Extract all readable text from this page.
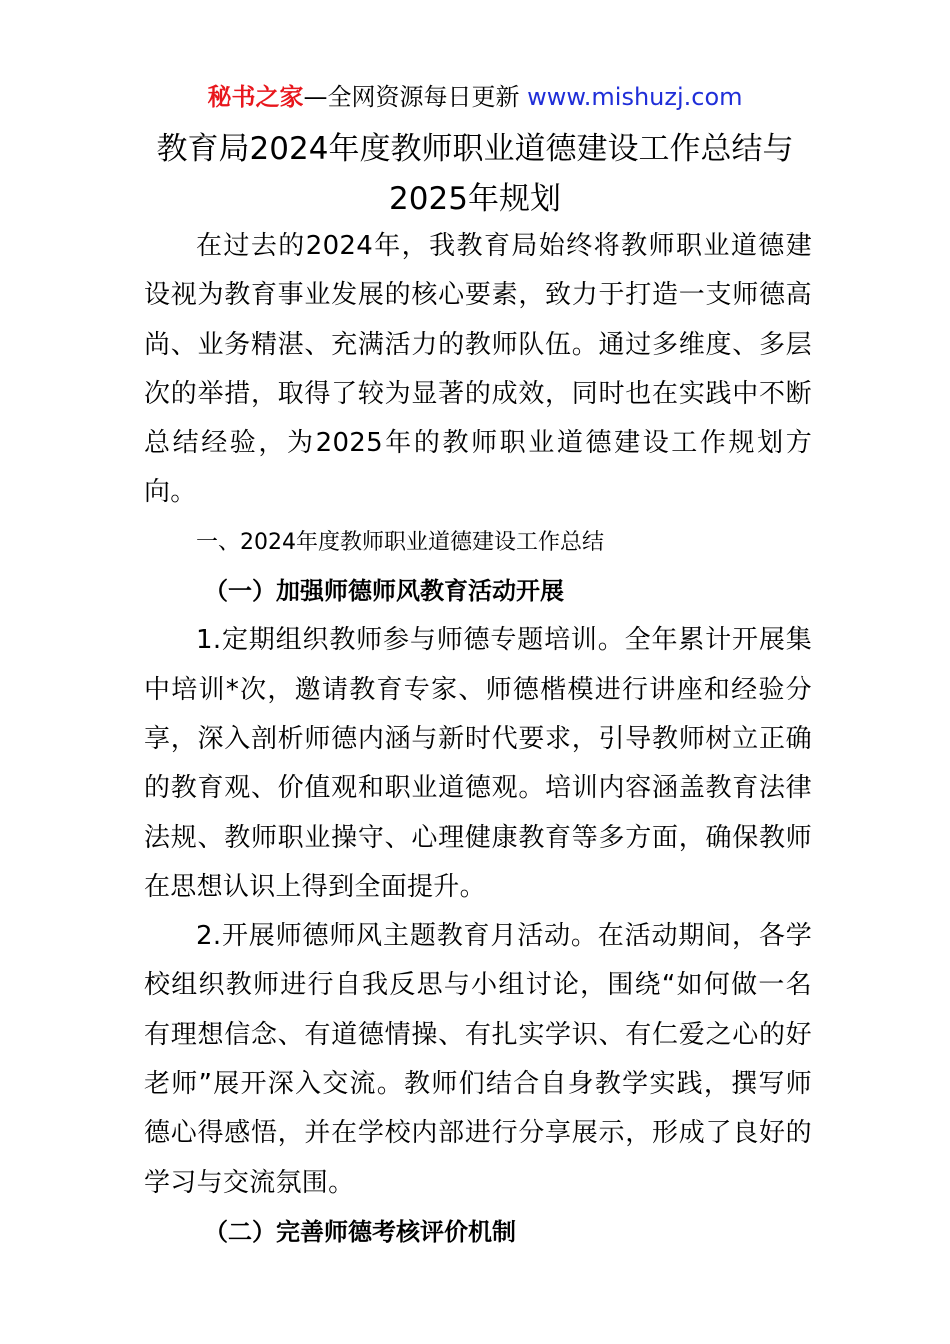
秘书之家—全网资源每日更新 www.mishuzj.com
教育局2024年度教师职业道德建设工作总结与
2025年规划

在过去的2024年，我教育局始终将教师职业道德建设视为教育事业发展的核心要素，致力于打造一支师德高尚、业务精湛、充满活力的教师队伍。通过多维度、多层次的举措，取得了较为显著的成效，同时也在实践中不断总结经验，为2025年的教师职业道德建设工作规划方向。

一、2024年度教师职业道德建设工作总结

（一）加强师德师风教育活动开展

1.定期组织教师参与师德专题培训。全年累计开展集中培训*次，邀请教育专家、师德楷模进行讲座和经验分享，深入剖析师德内涵与新时代要求，引导教师树立正确的教育观、价值观和职业道德观。培训内容涵盖教育法律法规、教师职业操守、心理健康教育等多方面，确保教师在思想认识上得到全面提升。

2.开展师德师风主题教育月活动。在活动期间，各学校组织教师进行自我反思与小组讨论，围绕“如何做一名有理想信念、有道德情操、有扎实学识、有仁爱之心的好老师”展开深入交流。教师们结合自身教学实践，撰写师德心得感悟，并在学校内部进行分享展示，形成了良好的学习与交流氛围。

（二）完善师德考核评价机制
